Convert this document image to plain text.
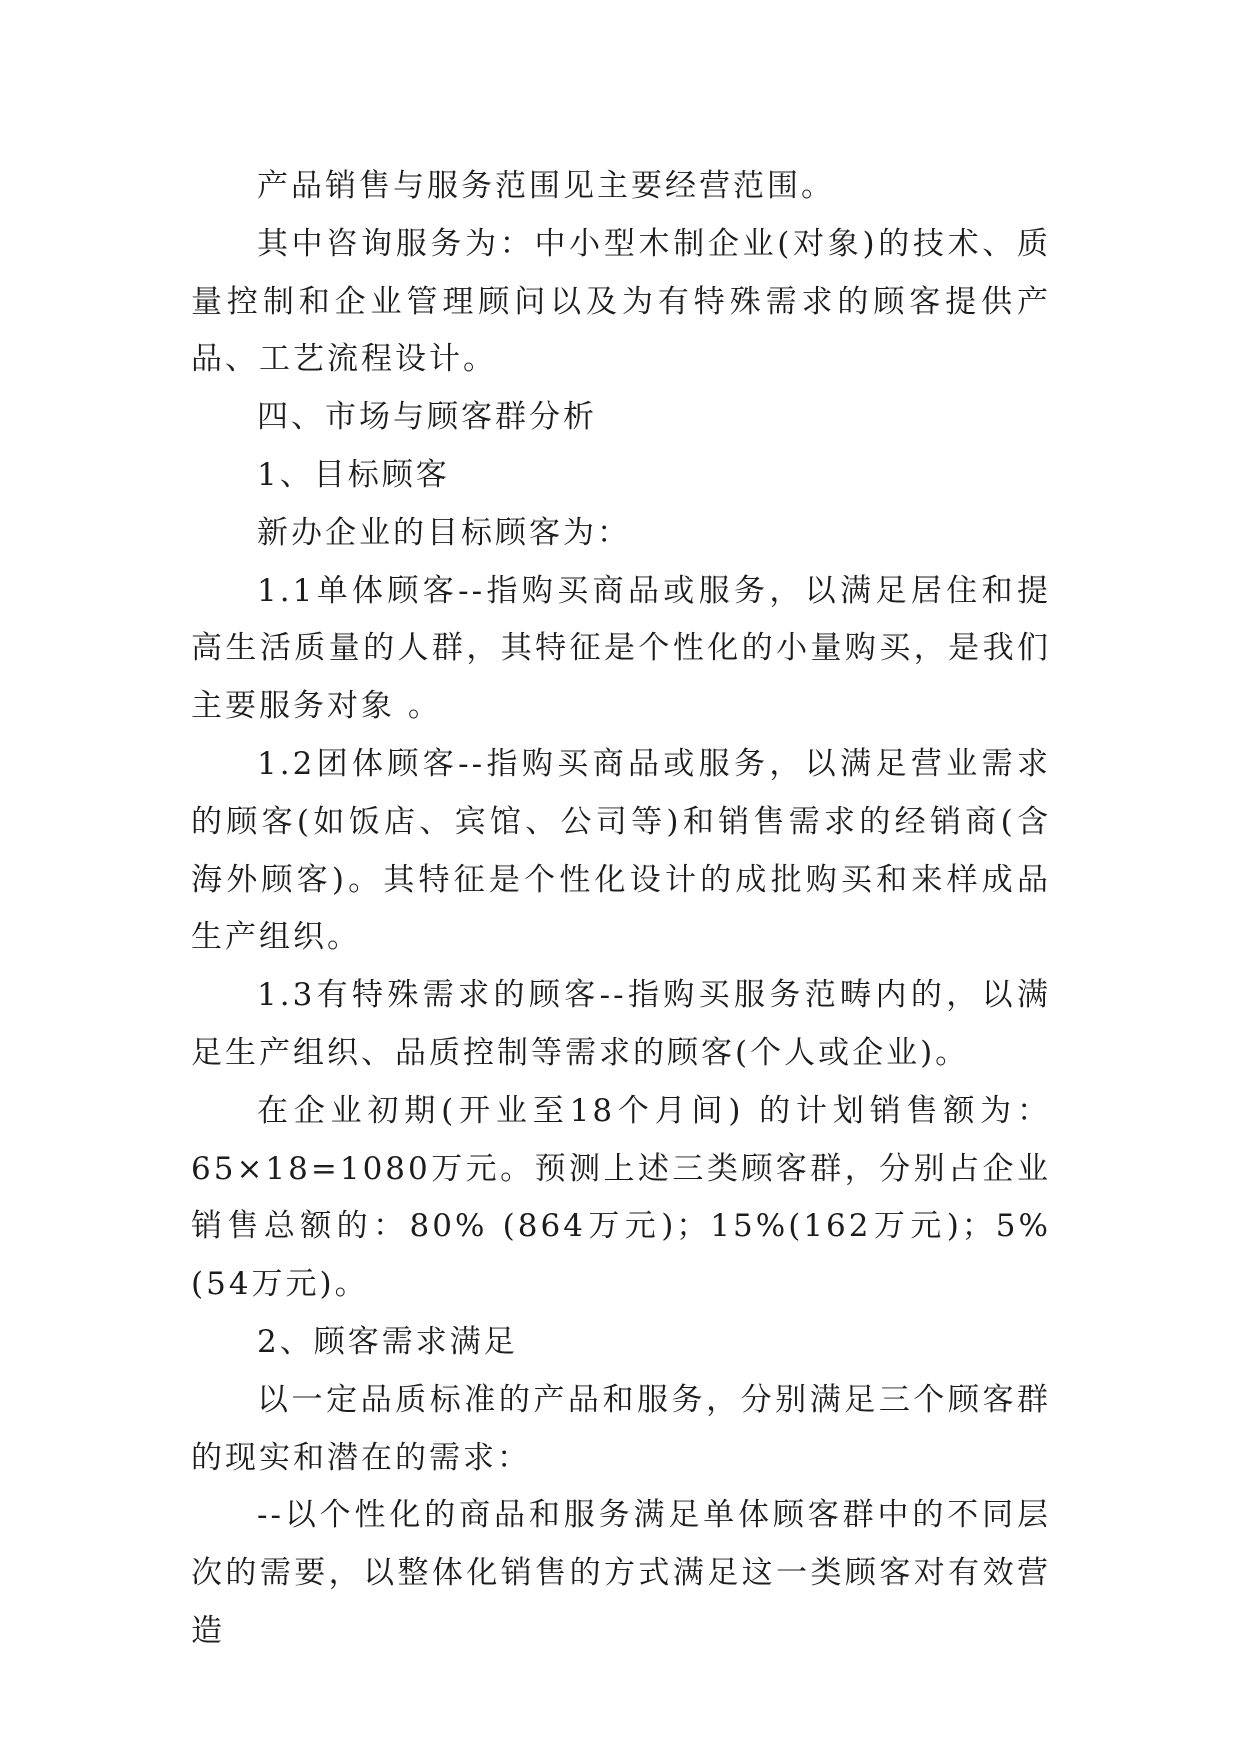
产品销售与服务范围见主要经营范围。

其中咨询服务为：中小型木制企业(对象)的技术、质量控制和企业管理顾问以及为有特殊需求的顾客提供产品、工艺流程设计。

四、市场与顾客群分析

1、目标顾客

新办企业的目标顾客为：

1.1单体顾客--指购买商品或服务，以满足居住和提高生活质量的人群，其特征是个性化的小量购买，是我们主要服务对象 。

1.2团体顾客--指购买商品或服务，以满足营业需求的顾客(如饭店、宾馆、公司等)和销售需求的经销商(含海外顾客)。其特征是个性化设计的成批购买和来样成品生产组织。

1.3有特殊需求的顾客--指购买服务范畴内的，以满足生产组织、品质控制等需求的顾客(个人或企业)。

在企业初期(开业至18个月间) 的计划销售额为：65×18=1080万元。预测上述三类顾客群，分别占企业销售总额的：80% (864万元)；15%(162万元)；5%(54万元)。

2、顾客需求满足

以一定品质标准的产品和服务，分别满足三个顾客群的现实和潜在的需求：

--以个性化的商品和服务满足单体顾客群中的不同层次的需要，以整体化销售的方式满足这一类顾客对有效营造
